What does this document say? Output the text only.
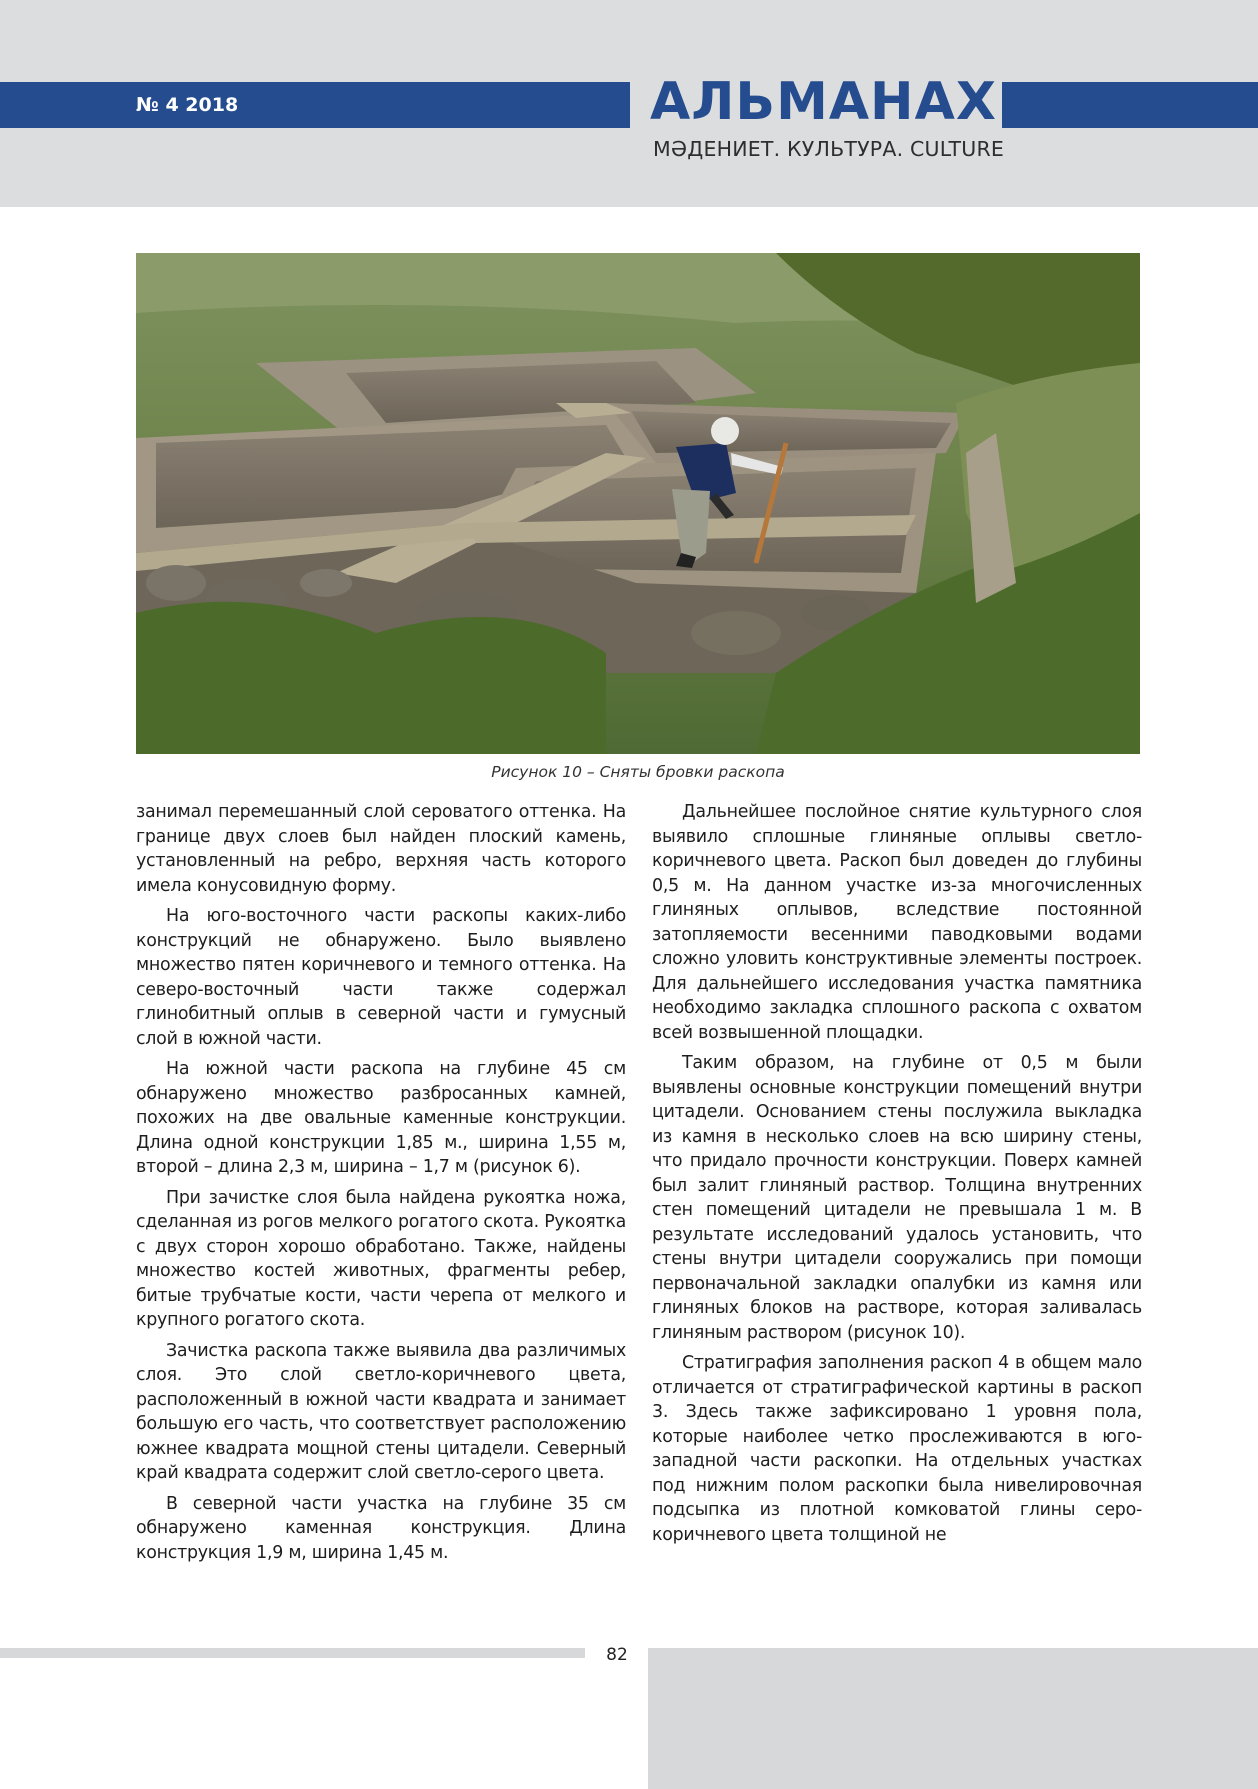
№ 4 2018	АЛЬМАНАХ
МӘДЕНИЕТ. КУЛЬТУРА. CULTURE
Рисунок 10 – Сняты бровки раскопа

занимал перемешанный слой сероватого оттенка. На границе двух слоев был найден плоский камень, установленный на ребро, верхняя часть которого имела конусовидную форму.

На юго-восточного части раскопы каких-либо конструкций не обнаружено. Было выявлено множество пятен коричневого и темного оттенка. На северо-восточный части также содержал глинобитный оплыв в северной части и гумусный слой в южной части.

На южной части раскопа на глубине 45 см обнаружено множество разбросанных камней, похожих на две овальные каменные конструкции. Длина одной конструкции 1,85 м., ширина 1,55 м, второй – длина 2,3 м, ширина – 1,7 м (рисунок 6).

При зачистке слоя была найдена рукоятка ножа, сделанная из рогов мелкого рогатого скота. Рукоятка с двух сторон хорошо обработано. Также, найдены множество костей животных, фрагменты ребер, битые трубчатые кости, части черепа от мелкого и крупного рогатого скота.

Зачистка раскопа также выявила два различимых слоя. Это слой светло-коричневого цвета, расположенный в южной части квадрата и занимает большую его часть, что соответствует расположению южнее квадрата мощной стены цитадели. Северный край квадрата содержит слой светло-серого цвета.

В северной части участка на глубине 35 см обнаружено каменная конструкция. Длина конструкция 1,9 м, ширина 1,45 м.

Дальнейшее послойное снятие культурного слоя выявило сплошные глиняные оплывы светло-коричневого цвета. Раскоп был доведен до глубины 0,5 м. На данном участке из-за многочисленных глиняных оплывов, вследствие постоянной затопляемости весенними паводковыми водами сложно уловить конструктивные элементы построек. Для дальнейшего исследования участка памятника необходимо закладка сплошного раскопа с охватом всей возвышенной площадки.

Таким образом, на глубине от 0,5 м были выявлены основные конструкции помещений внутри цитадели. Основанием стены послужила выкладка из камня в несколько слоев на всю ширину стены, что придало прочности конструкции. Поверх камней был залит глиняный раствор. Толщина внутренних стен помещений цитадели не превышала 1 м. В результате исследований удалось установить, что стены внутри цитадели сооружались при помощи первоначальной закладки опалубки из камня или глиняных блоков на растворе, которая заливалась глиняным раствором (рисунок 10).

Стратиграфия заполнения раскоп 4 в общем мало отличается от стратиграфической картины в раскоп 3. Здесь также зафиксировано 1 уровня пола, которые наиболее четко прослеживаются в юго-западной части раскопки. На отдельных участках под нижним полом раскопки была нивелировочная подсыпка из плотной комковатой глины серо-коричневого цвета толщиной не

82
